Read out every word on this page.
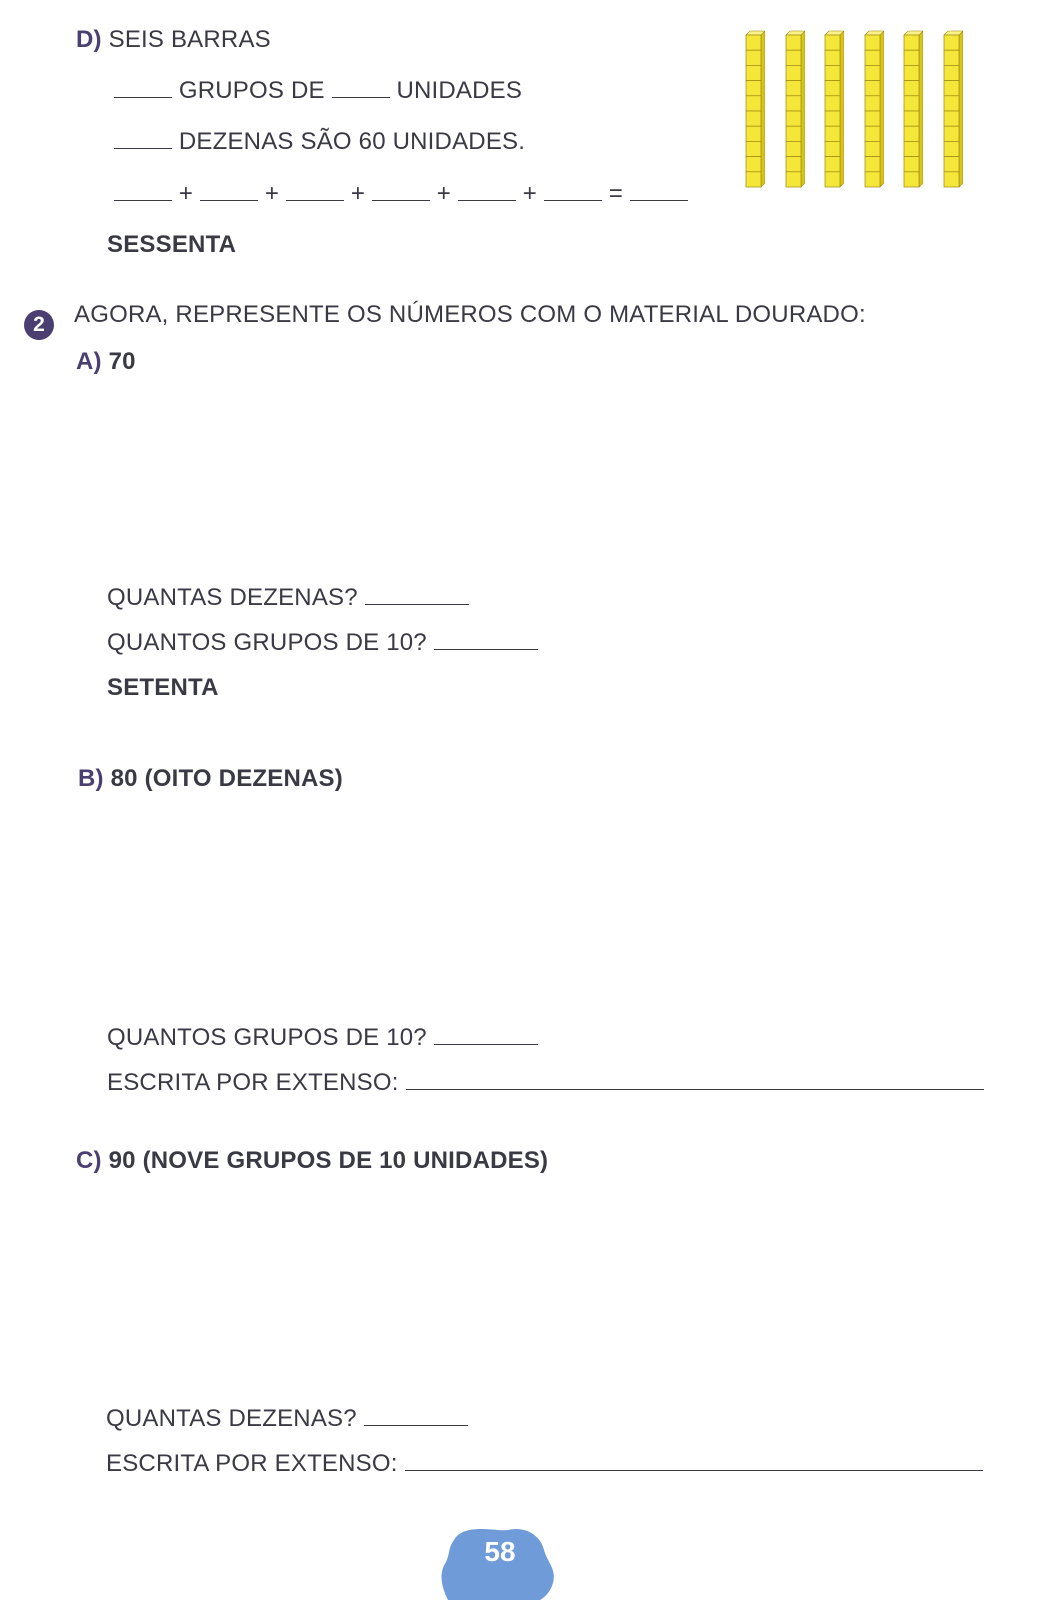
D) SEIS BARRAS
GRUPOS DE	UNIDADES
DEZENAS SÃO 60 UNIDADES.
+	+	+	+	+	=
SESSENTA
2	AGORA, REPRESENTE OS NÚMEROS COM O MATERIAL DOURADO:
A) 70
QUANTAS DEZENAS?
QUANTOS GRUPOS DE 10?
SETENTA
B) 80 (OITO DEZENAS)
QUANTOS GRUPOS DE 10?
ESCRITA POR EXTENSO:
C) 90 (NOVE GRUPOS DE 10 UNIDADES)
QUANTAS DEZENAS?
ESCRITA POR EXTENSO:
58
